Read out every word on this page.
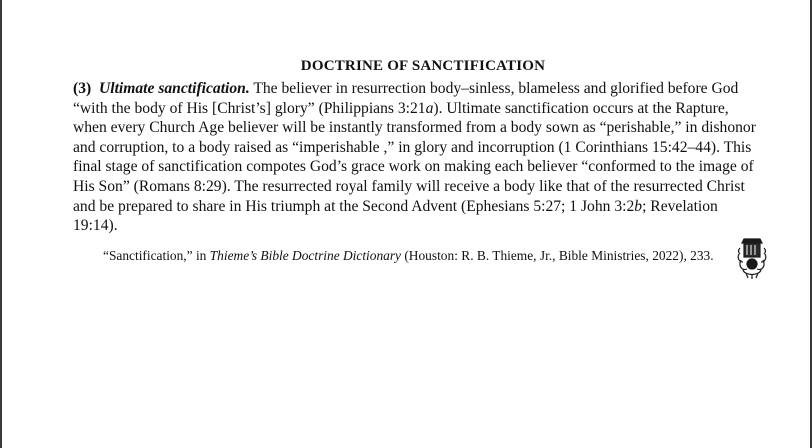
DOCTRINE OF SANCTIFICATION

(3) Ultimate sanctification. The believer in resurrection body–sinless, blameless and glorified before God “with the body of His [Christ’s] glory” (Philippians 3:21a). Ultimate sanctification occurs at the Rapture, when every Church Age believer will be instantly transformed from a body sown as “perishable,” in dishonor and corruption, to a body raised as “imperishable ,” in glory and incorruption (1 Corinthians 15:42–44). This final stage of sanctification compotes God’s grace work on making each believer “conformed to the image of His Son” (Romans 8:29). The resurrected royal family will receive a body like that of the resurrected Christ and be prepared to share in His triumph at the Second Advent (Ephesians 5:27; 1 John 3:2b; Revelation 19:14).

“Sanctification,” in Thieme’s Bible Doctrine Dictionary (Houston: R. B. Thieme, Jr., Bible Ministries, 2022), 233.
